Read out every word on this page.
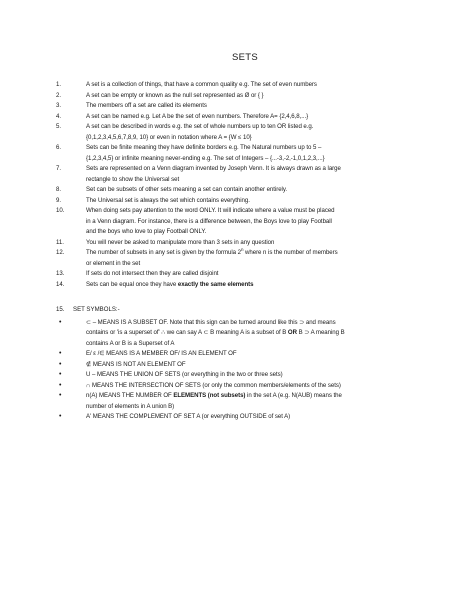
SETS
1.	A set is a collection of things, that have a common quality e.g. The set of even numbers
2.	A set can be empty or known as the null set represented as Ø or { }
3.	The members off a set are called its elements
4.	A set can be named e.g. Let A be the set of even numbers. Therefore A= {2,4,6,8,...}
5.	A set can be described in words e.g. the set of whole numbers up to ten OR listed e.g.
{0,1,2,3,4,5,6,7,8,9, 10} or even in notation where A = {W ≤ 10}
6.	Sets can be finite meaning they have definite borders e.g. The Natural numbers up to 5 –
{1,2,3,4,5} or infinite meaning never-ending e.g. The set of Integers – {...-3,-2,-1,0,1,2,3,...}
7.	Sets are represented on a Venn diagram invented by Joseph Venn. It is always drawn as a large
rectangle to show the Universal set
8.	Set can be subsets of other sets meaning a set can contain another entirely.
9.	The Universal set is always the set which contains everything.
10.	When doing sets pay attention to the word ONLY. It will indicate where a value must be placed
in a Venn diagram. For instance, there is a difference between, the Boys love to play Football
and the boys who love to play Football ONLY.
11.	You will never be asked to manipulate more than 3 sets in any question
12.	The number of subsets in any set is given by the formula 2$^n$ where n is the number of members
or element in the set
13.	If sets do not intersect then they are called disjoint
14.	Sets can be equal once they have exactly the same elements
15. SET SYMBOLS:-
•	⊂ – MEANS IS A SUBSET OF. Note that this sign can be turned around like this ⊃ and means
contains or 'is a superset of' ∴ we can say A ⊂ B meaning A is a subset of B OR B ⊃ A meaning B
contains A or B is a Superset of A
•	E/ ε /∈ MEANS IS A MEMBER OF/ IS AN ELEMENT OF
•	∉ MEANS IS NOT AN ELEMENT OF
•	U – MEANS THE UNION OF SETS (or everything in the two or three sets)
•	∩ MEANS THE INTERSECTION OF SETS (or only the common members/elements of the sets)
•	n(A) MEANS THE NUMBER OF ELEMENTS (not subsets) in the set A (e.g. N(AUB) means the
number of elements in A union B)
•	A' MEANS THE COMPLEMENT OF SET A (or everything OUTSIDE of set A)
